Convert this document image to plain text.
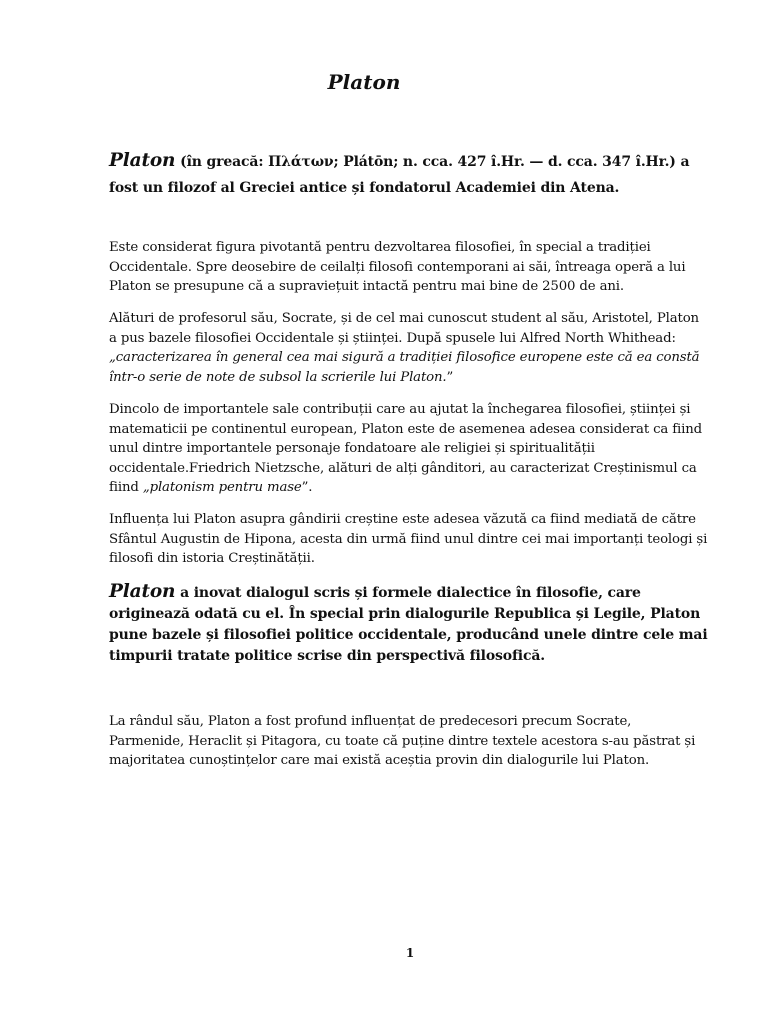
Platon
Platon (în greacă: Πλάτων; Plátōn; n. cca. 427 î.Hr. — d. cca. 347 î.Hr.) a fost un filozof al Greciei antice și fondatorul Academiei din Atena.
Este considerat figura pivotantă pentru dezvoltarea filosofiei, în special a tradiției Occidentale. Spre deosebire de ceilalți filosofi contemporani ai săi, întreaga operă a lui Platon se presupune că a supraviețuit intactă pentru mai bine de 2500 de ani.
Alături de profesorul său, Socrate, și de cel mai cunoscut student al său, Aristotel, Platon a pus bazele filosofiei Occidentale și științei. După spusele lui Alfred North Whithead: „caracterizarea în general cea mai sigură a tradiției filosofice europene este că ea constă într-o serie de note de subsol la scrierile lui Platon.”
Dincolo de importantele sale contribuții care au ajutat la închegarea filosofiei, științei și matematicii pe continentul european, Platon este de asemenea adesea considerat ca fiind unul dintre importantele personaje fondatoare ale religiei și spiritualității occidentale.Friedrich Nietzsche, alături de alți gânditori, au caracterizat Creștinismul ca fiind „platonism pentru mase”.
Influența lui Platon asupra gândirii creștine este adesea văzută ca fiind mediată de către Sfântul Augustin de Hipona, acesta din urmă fiind unul dintre cei mai importanți teologi și filosofi din istoria Creștinătății.
Platon a inovat dialogul scris și formele dialectice în filosofie, care originează odată cu el. În special prin dialogurile Republica și Legile, Platon pune bazele și filosofiei politice occidentale, producând unele dintre cele mai timpurii tratate politice scrise din perspectivă filosofică.
La rândul său, Platon a fost profund influențat de predecesori precum Socrate, Parmenide, Heraclit și Pitagora, cu toate că puține dintre textele acestora s-au păstrat și majoritatea cunoștințelor care mai există aceștia provin din dialogurile lui Platon.
1
